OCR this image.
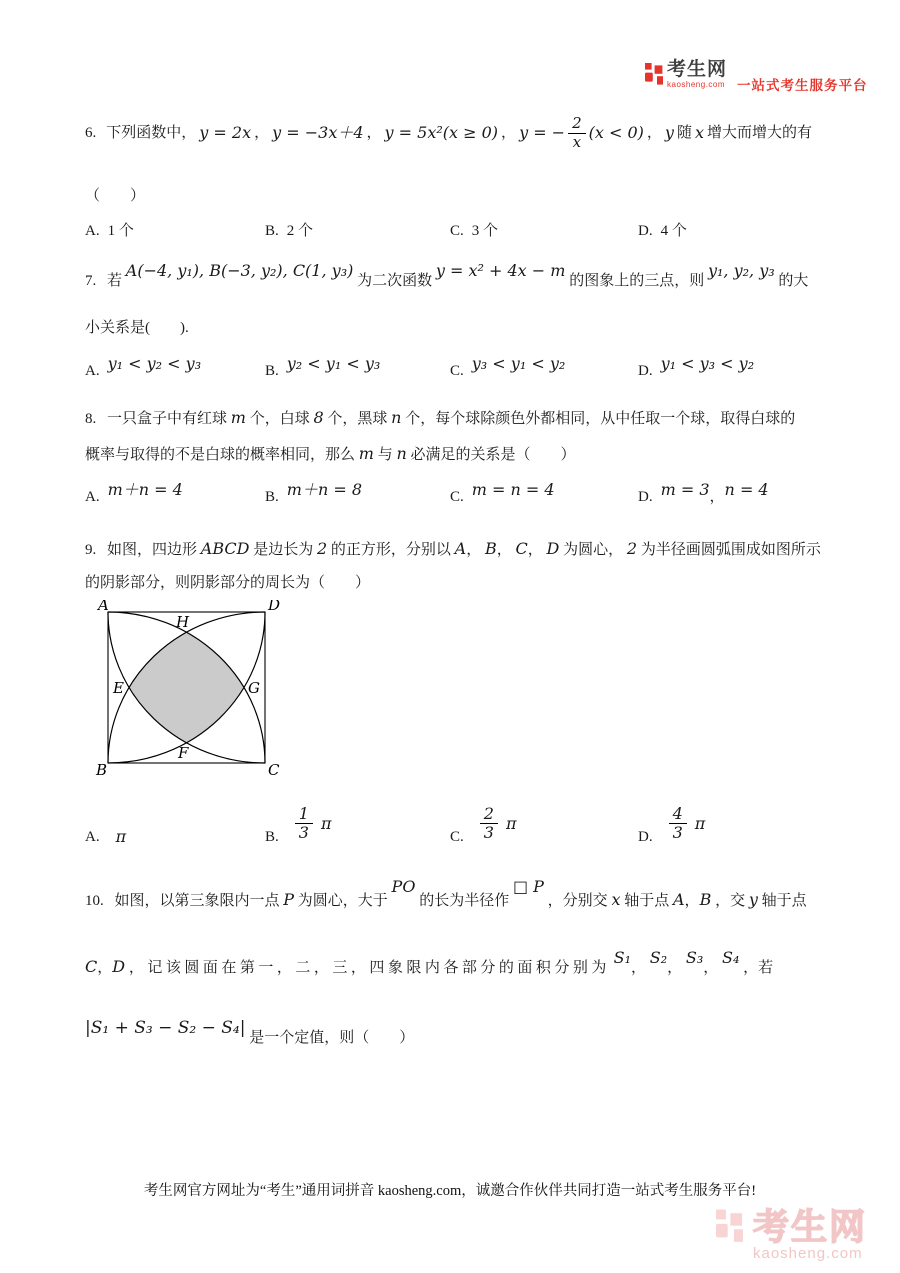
考生网
kaosheng.com 一站式考生服务平台
6. 下列函数中， y = 2x ， y = −3x＋4 ， y = 5x²(x ≥ 0) ， y = − $\frac{2}{x} (x < 0)$ ， y 随 x 增大而增大的有
（　　）
A. 1 个	B. 2 个	C. 3 个	D. 4 个
7. 若 A(−4, y₁), B(−3, y₂), C(1, y₃) 为二次函数 y = x² + 4x − m 的图象上的三点，则 y₁, y₂, y₃ 的大
小关系是(　　).
A. y₁ < y₂ < y₃	B. y₂ < y₁ < y₃	C. y₃ < y₁ < y₂	D. y₁ < y₃ < y₂
8. 一只盒子中有红球 m 个，白球 8 个，黑球 n 个，每个球除颜色外都相同，从中任取一个球，取得白球的
概率与取得的不是白球的概率相同，那么 m 与 n 必满足的关系是（　　）
A. m＋n = 4	B. m＋n = 8	C. m = n = 4	D. m = 3，n = 4
9. 如图，四边形 ABCD 是边长为 2 的正方形，分别以 A， B， C， D 为圆心， 2 为半径画圆弧围成如图所示
的阴影部分，则阴影部分的周长为（　　）
A
H
D
E	G
B
F
C
A. π	B. $\frac{1}{3}$ π
C. $\frac{2}{3}$ π
D. $\frac{4}{3}$ π
10. 如图，以第三象限内一点 P 为圆心，大于 PO 的长为半径作 □ P ，分别交 x 轴于点 A，B ，交 y 轴于点
C，D ，记该圆面在第一，二，三，四象限内各部分的面积分别为 S₁， S₂， S₃， S₄ ，若
|S₁ + S₃ − S₂ − S₄| 是一个定值，则（　　）
考生网官方网址为“考生”通用词拼音 kaosheng.com，诚邀合作伙伴共同打造一站式考生服务平台!
考生网
kaosheng.com
